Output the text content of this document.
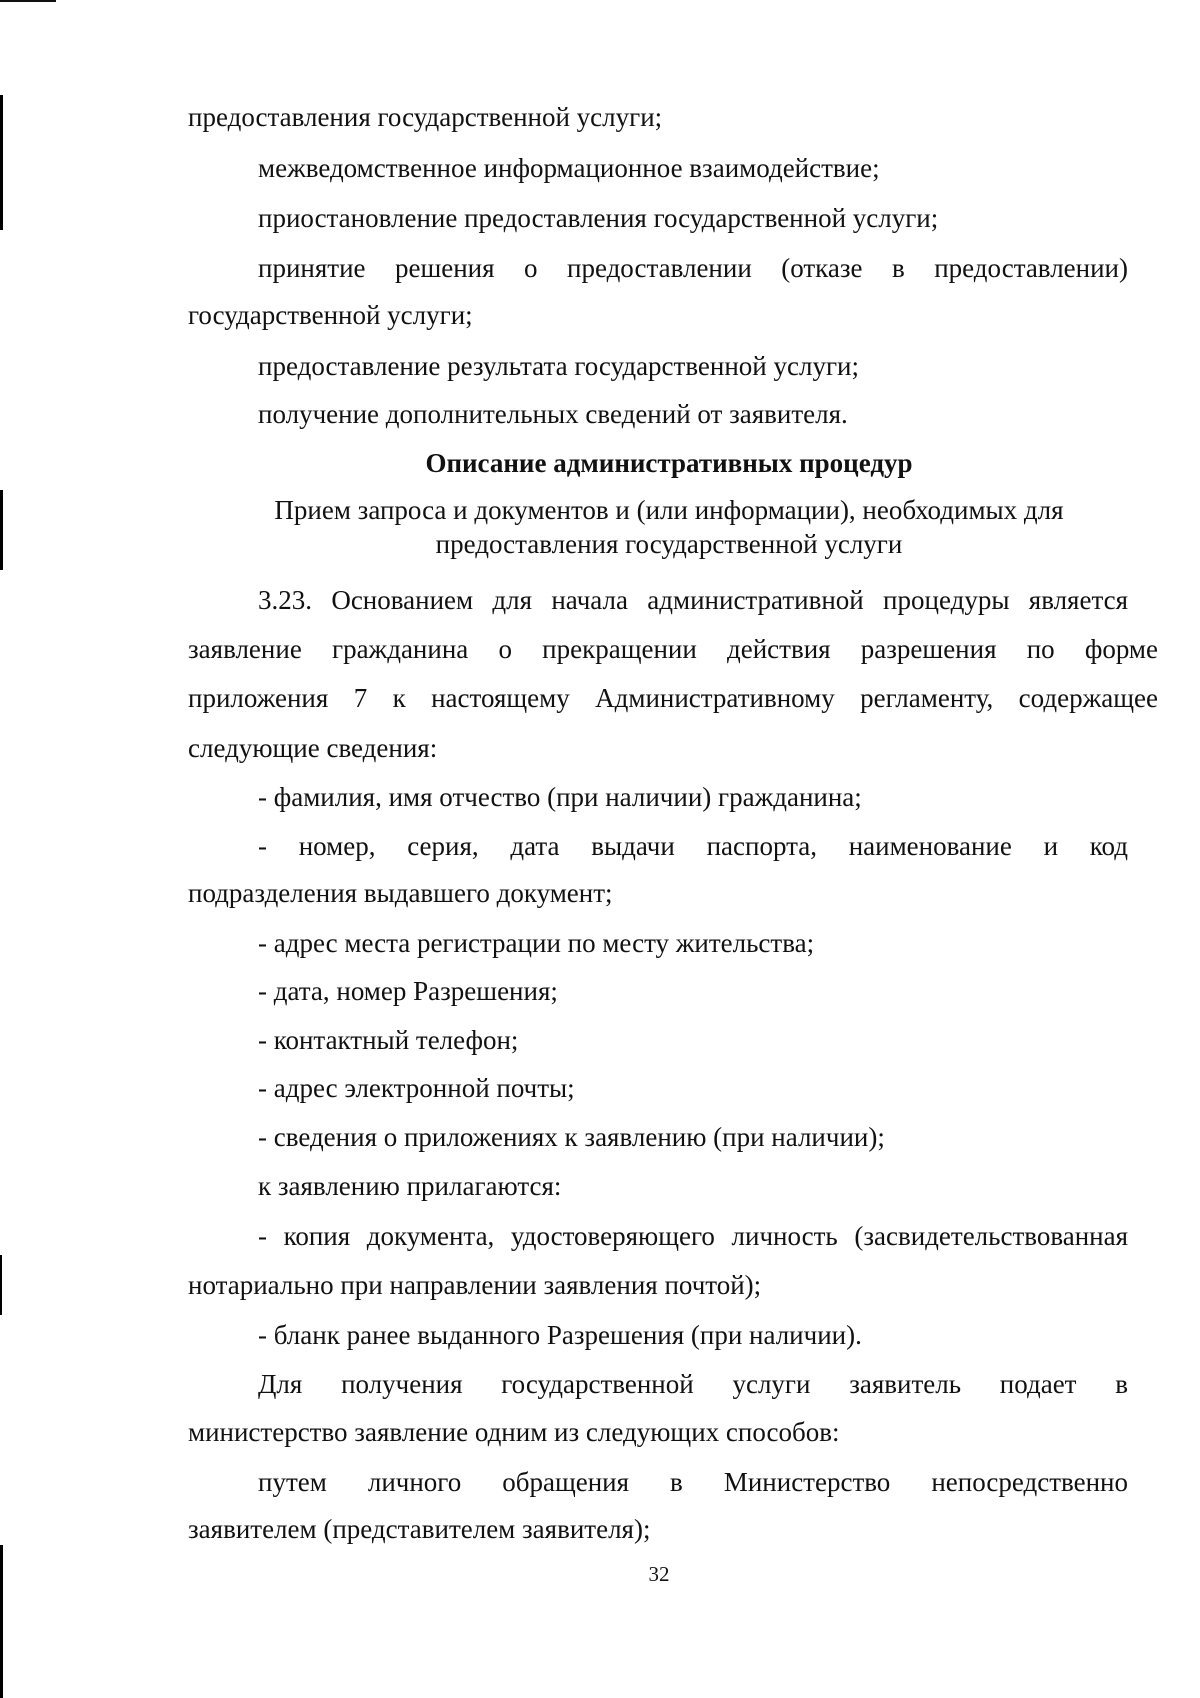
предоставления государственной услуги;
межведомственное информационное взаимодействие;
приостановление предоставления государственной услуги;
принятие решения о предоставлении (отказе в предоставлении)
государственной услуги;
предоставление результата государственной услуги;
получение дополнительных сведений от заявителя.
Описание административных процедур
Прием запроса и документов и (или информации), необходимых для
предоставления государственной услуги
3.23. Основанием для начала административной процедуры является
заявление гражданина о прекращении действия разрешения по форме
приложения 7 к настоящему Административному регламенту, содержащее
следующие сведения:
- фамилия, имя отчество (при наличии) гражданина;
- номер, серия, дата выдачи паспорта, наименование и код
подразделения выдавшего документ;
- адрес места регистрации по месту жительства;
- дата, номер Разрешения;
- контактный телефон;
- адрес электронной почты;
- сведения о приложениях к заявлению (при наличии);
к заявлению прилагаются:
- копия документа, удостоверяющего личность (засвидетельствованная
нотариально при направлении заявления почтой);
- бланк ранее выданного Разрешения (при наличии).
Для получения государственной услуги заявитель подает в
министерство заявление одним из следующих способов:
путем личного обращения в Министерство непосредственно
заявителем (представителем заявителя);
32
